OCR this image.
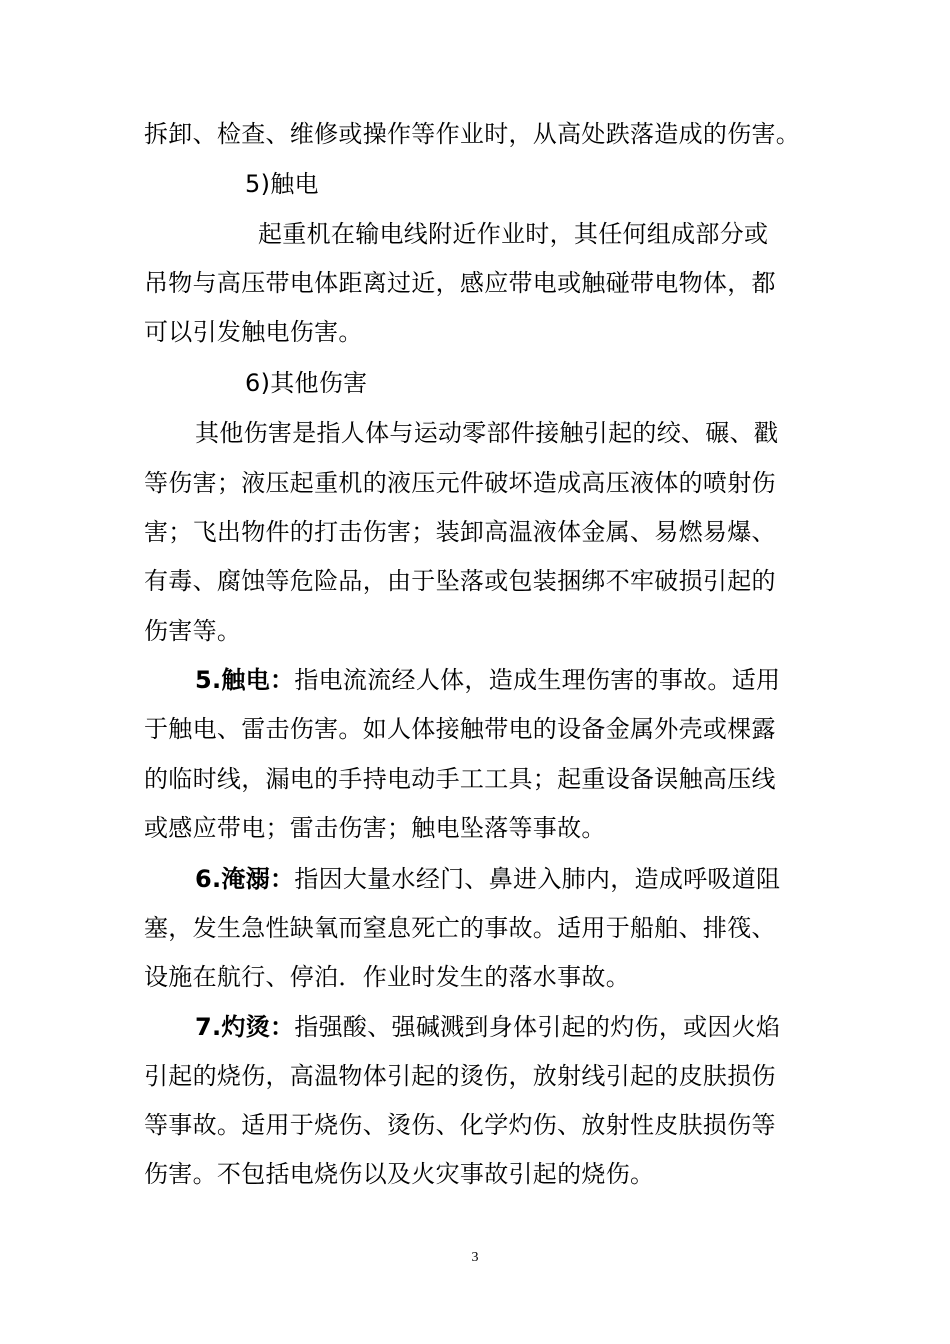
拆卸、检查、维修或操作等作业时，从高处跌落造成的伤害。
5)触电
起重机在输电线附近作业时，其任何组成部分或
吊物与高压带电体距离过近，感应带电或触碰带电物体，都
可以引发触电伤害。
6)其他伤害
其他伤害是指人体与运动零部件接触引起的绞、碾、戳
等伤害；液压起重机的液压元件破坏造成高压液体的喷射伤
害；飞出物件的打击伤害；装卸高温液体金属、易燃易爆、
有毒、腐蚀等危险品，由于坠落或包装捆绑不牢破损引起的
伤害等。
5.触电：指电流流经人体，造成生理伤害的事故。适用
于触电、雷击伤害。如人体接触带电的设备金属外壳或棵露
的临时线，漏电的手持电动手工工具；起重设备误触高压线
或感应带电；雷击伤害；触电坠落等事故。
6.淹溺：指因大量水经门、鼻进入肺内，造成呼吸道阻
塞，发生急性缺氧而窒息死亡的事故。适用于船舶、排筏、
设施在航行、停泊．作业时发生的落水事故。
7.灼烫：指强酸、强碱溅到身体引起的灼伤，或因火焰
引起的烧伤，高温物体引起的烫伤，放射线引起的皮肤损伤
等事故。适用于烧伤、烫伤、化学灼伤、放射性皮肤损伤等
伤害。不包括电烧伤以及火灾事故引起的烧伤。
3
